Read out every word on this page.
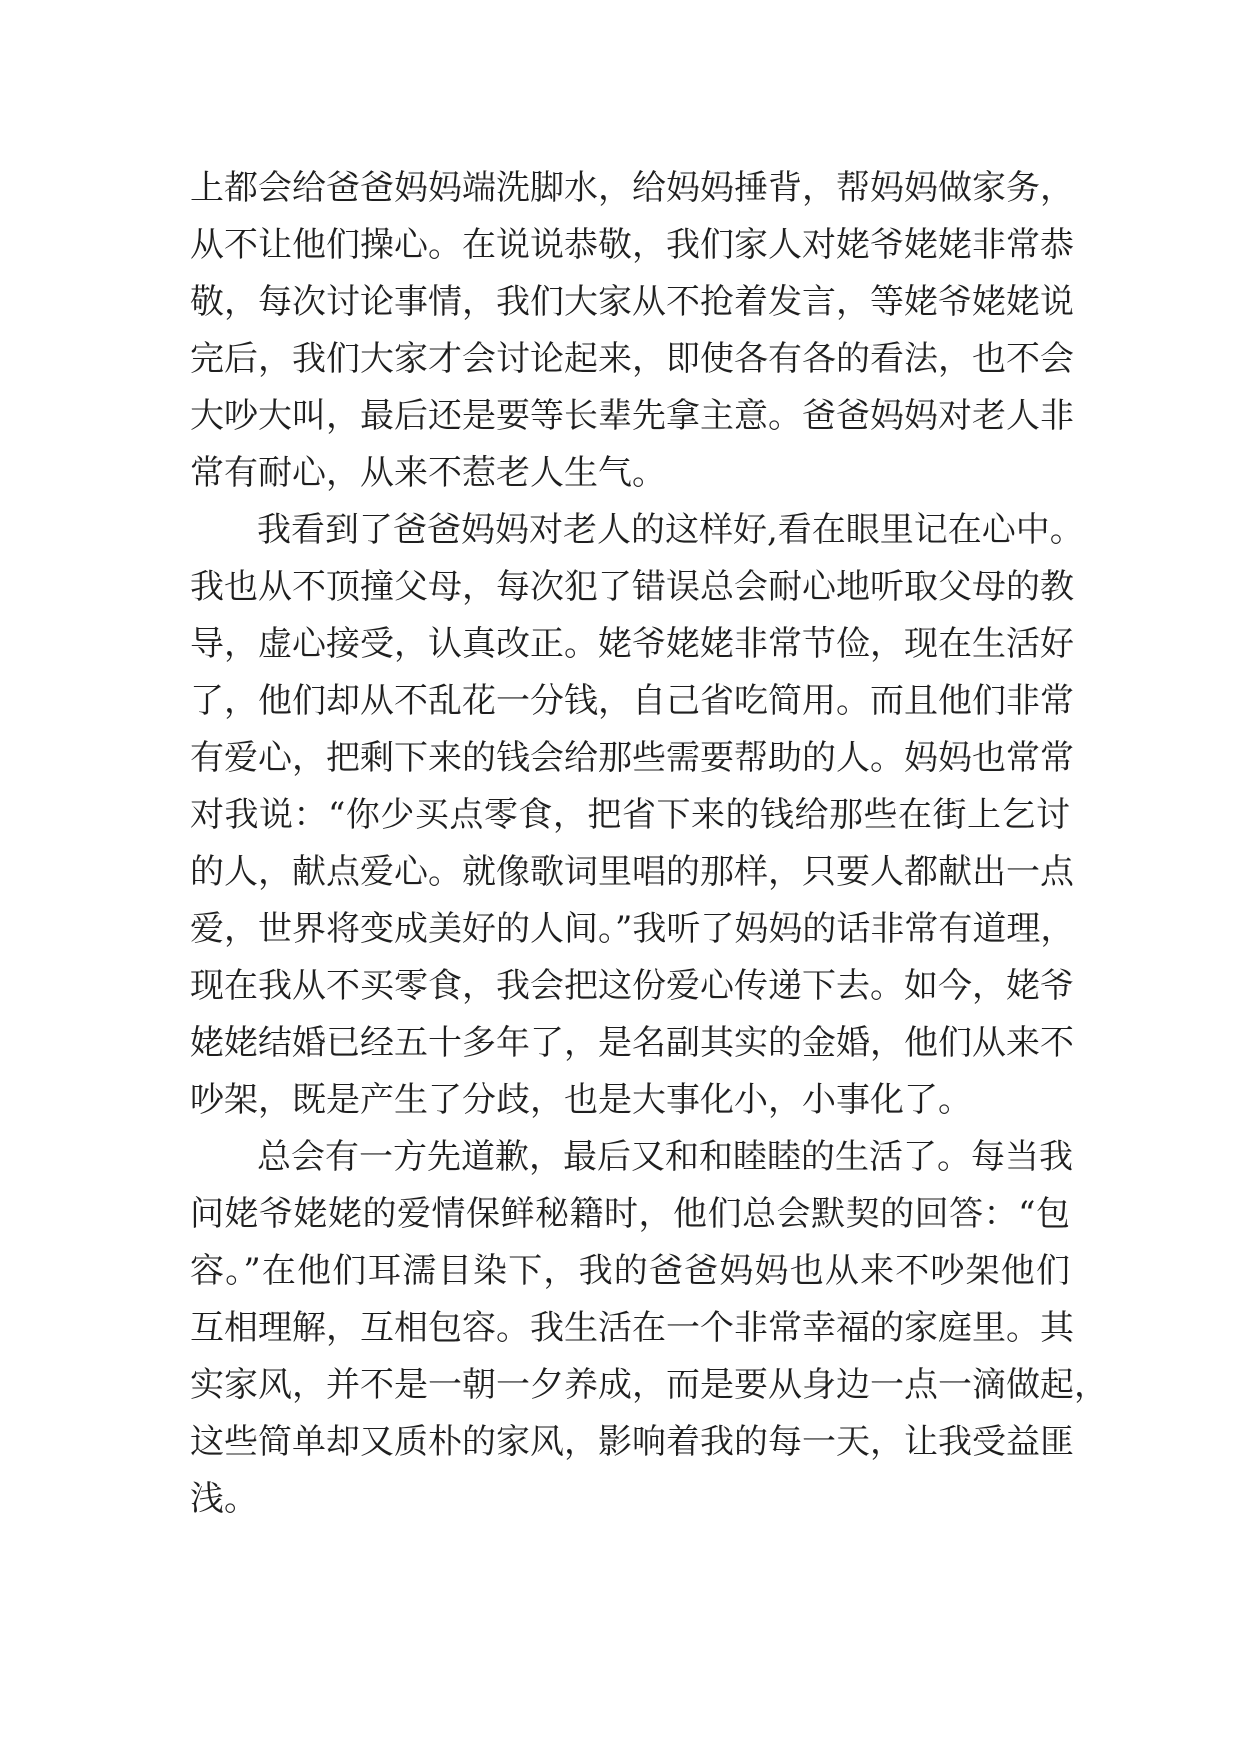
上都会给爸爸妈妈端洗脚水，给妈妈捶背，帮妈妈做家务，
从不让他们操心。在说说恭敬，我们家人对姥爷姥姥非常恭
敬，每次讨论事情，我们大家从不抢着发言，等姥爷姥姥说
完后，我们大家才会讨论起来，即使各有各的看法，也不会
大吵大叫，最后还是要等长辈先拿主意。爸爸妈妈对老人非
常有耐心，从来不惹老人生气。
我看到了爸爸妈妈对老人的这样好,看在眼里记在心中。
我也从不顶撞父母，每次犯了错误总会耐心地听取父母的教
导，虚心接受，认真改正。姥爷姥姥非常节俭，现在生活好
了，他们却从不乱花一分钱，自己省吃简用。而且他们非常
有爱心，把剩下来的钱会给那些需要帮助的人。妈妈也常常
对我说：“你少买点零食，把省下来的钱给那些在街上乞讨
的人，献点爱心。就像歌词里唱的那样，只要人都献出一点
爱，世界将变成美好的人间。”我听了妈妈的话非常有道理，
现在我从不买零食，我会把这份爱心传递下去。如今，姥爷
姥姥结婚已经五十多年了，是名副其实的金婚，他们从来不
吵架，既是产生了分歧，也是大事化小，小事化了。
总会有一方先道歉，最后又和和睦睦的生活了。每当我
问姥爷姥姥的爱情保鲜秘籍时，他们总会默契的回答：“包
容。”在他们耳濡目染下，我的爸爸妈妈也从来不吵架他们
互相理解，互相包容。我生活在一个非常幸福的家庭里。其
实家风，并不是一朝一夕养成，而是要从身边一点一滴做起，
这些简单却又质朴的家风，影响着我的每一天，让我受益匪
浅。
